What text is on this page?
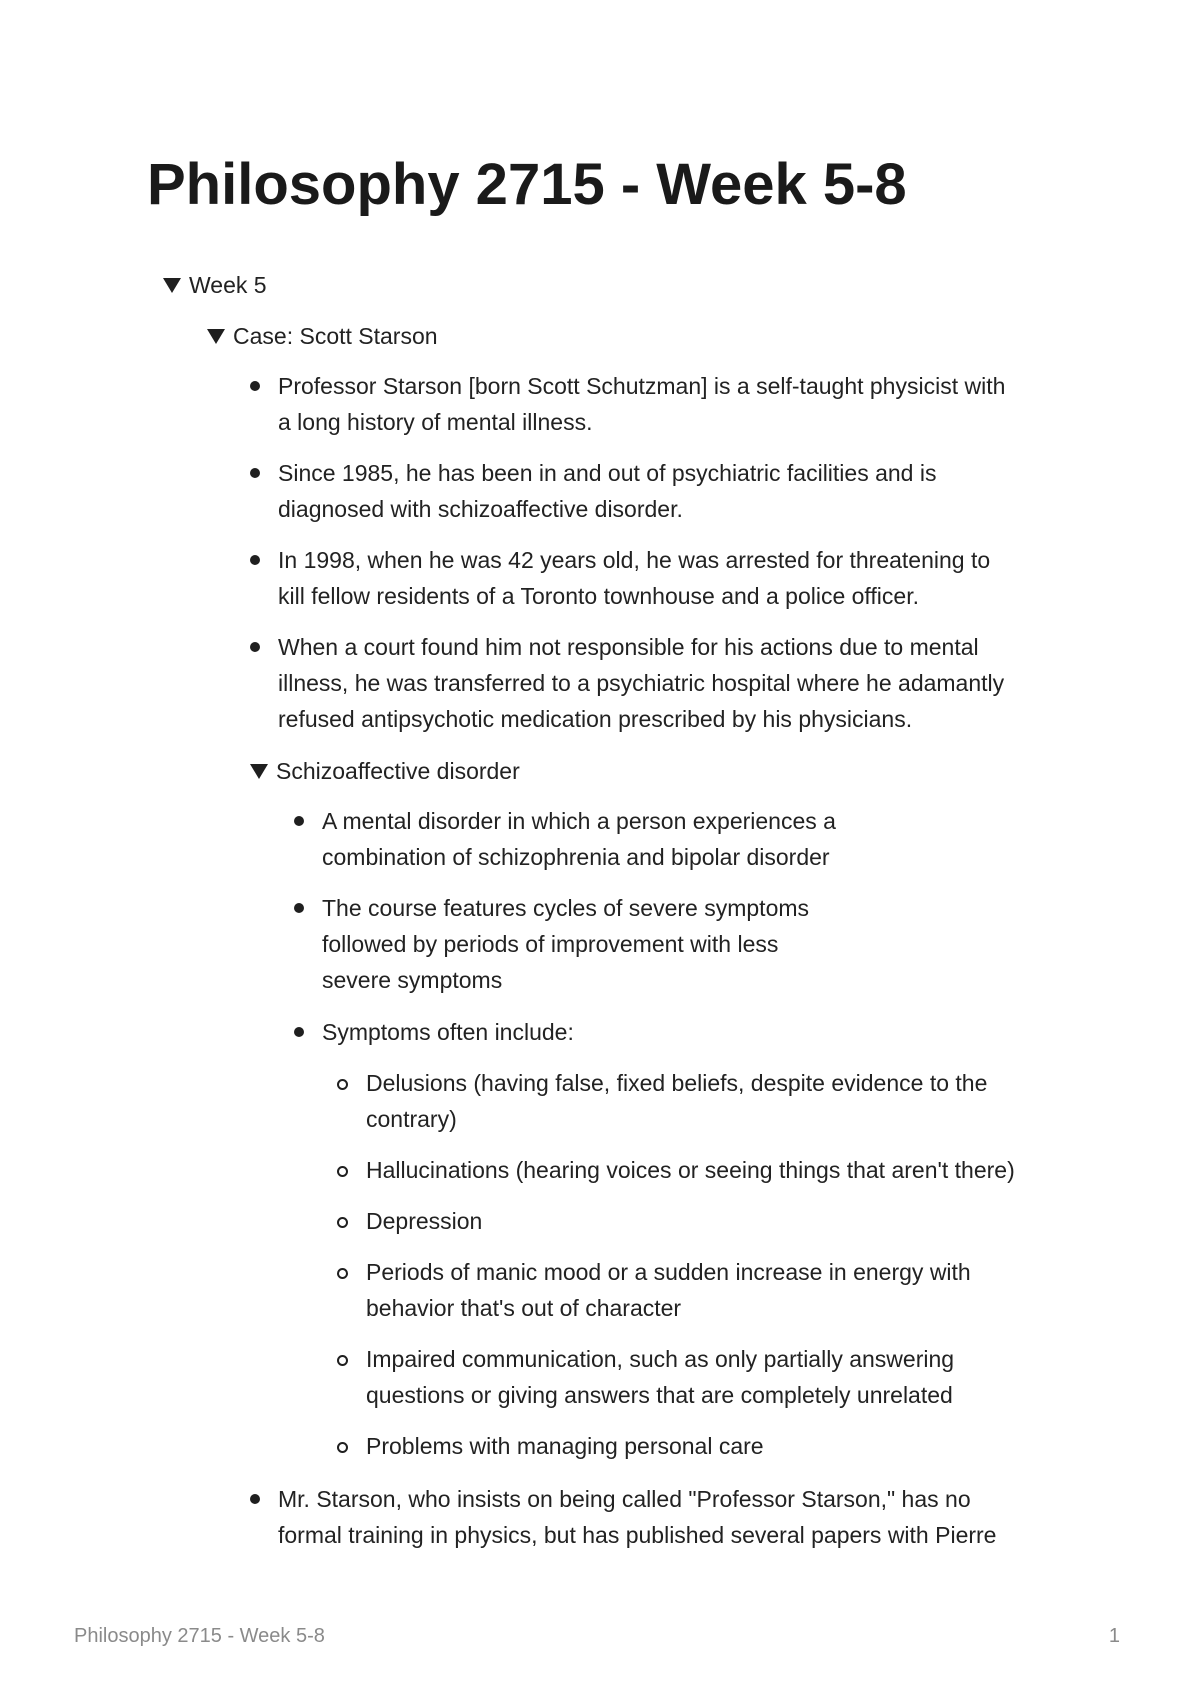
Philosophy 2715 - Week 5-8
Week 5
Case: Scott Starson
Professor Starson [born Scott Schutzman] is a self-taught physicist with
a long history of mental illness.
Since 1985, he has been in and out of psychiatric facilities and is
diagnosed with schizoaffective disorder.
In 1998, when he was 42 years old, he was arrested for threatening to
kill fellow residents of a Toronto townhouse and a police officer.
When a court found him not responsible for his actions due to mental
illness, he was transferred to a psychiatric hospital where he adamantly
refused antipsychotic medication prescribed by his physicians.
Schizoaffective disorder
A mental disorder in which a person experiences a
combination of schizophrenia and bipolar disorder
The course features cycles of severe symptoms
followed by periods of improvement with less
severe symptoms
Symptoms often include:
Delusions (having false, fixed beliefs, despite evidence to the
contrary)
Hallucinations (hearing voices or seeing things that aren't there)
Depression
Periods of manic mood or a sudden increase in energy with
behavior that's out of character
Impaired communication, such as only partially answering
questions or giving answers that are completely unrelated
Problems with managing personal care
Mr. Starson, who insists on being called "Professor Starson," has no
formal training in physics, but has published several papers with Pierre
Philosophy 2715 - Week 5-8	1
